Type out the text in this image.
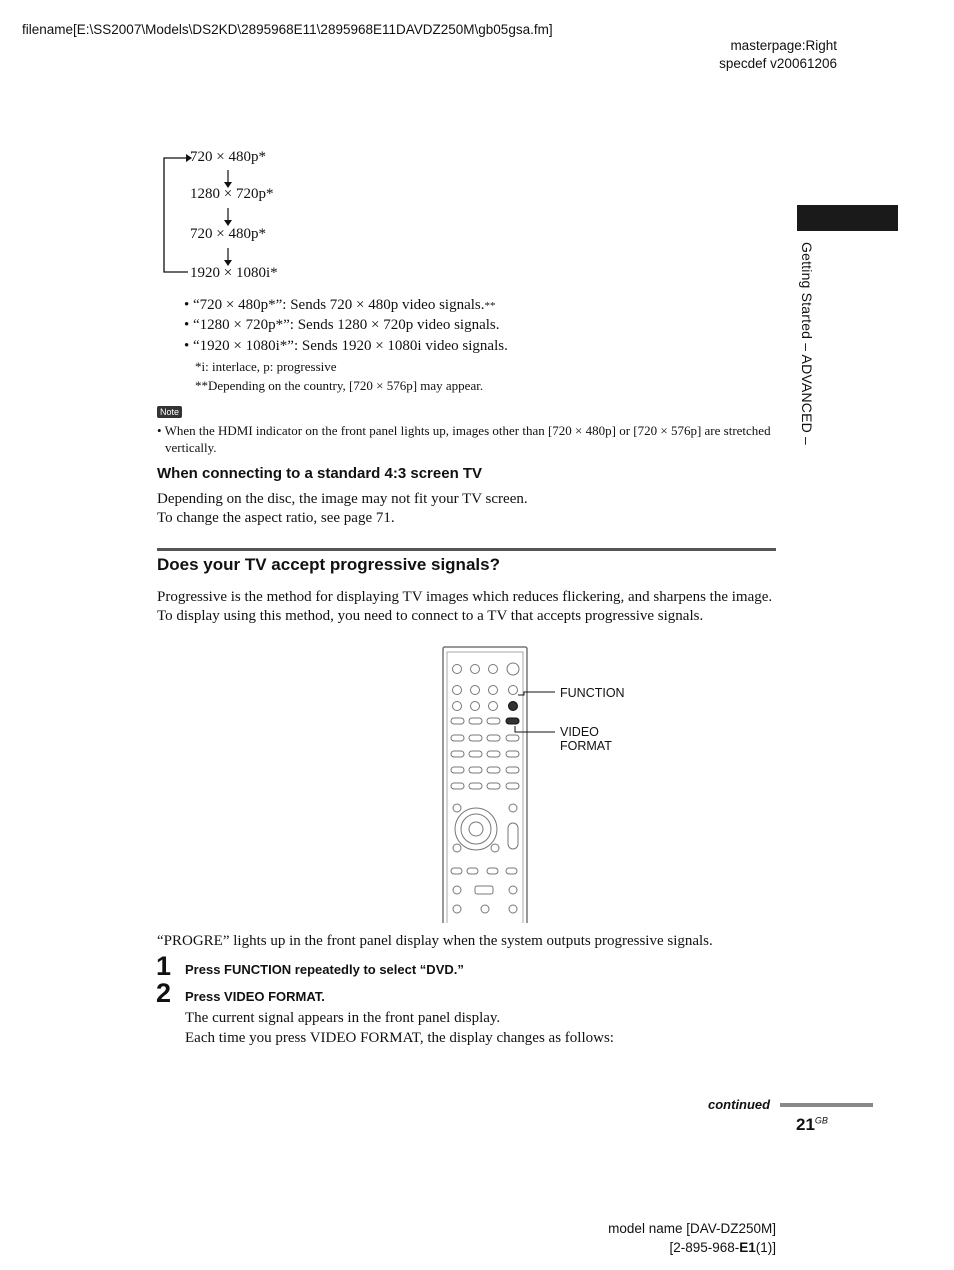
filename[E:\SS2007\Models\DS2KD\2895968E11\2895968E11DAVDZ250M\gb05gsa.fm]
masterpage:Right
specdef v20061206
720 × 480p*
1280 × 720p*
720 × 480p*
1920 × 1080i*
• “720 × 480p*”: Sends 720 × 480p video signals.**
• “1280 × 720p*”: Sends 1280 × 720p video signals.
• “1920 × 1080i*”: Sends 1920 × 1080i video signals.
*i: interlace, p: progressive
**Depending on the country, [720 × 576p] may appear.
Note
• When the HDMI indicator on the front panel lights up, images other than [720 × 480p] or [720 × 576p] are stretched vertically.
When connecting to a standard 4:3 screen TV
Depending on the disc, the image may not fit your TV screen.
To change the aspect ratio, see page 71.
Does your TV accept progressive signals?
Progressive is the method for displaying TV images which reduces flickering, and sharpens the image.
To display using this method, you need to connect to a TV that accepts progressive signals.
FUNCTION
VIDEO
FORMAT
“PROGRE” lights up in the front panel display when the system outputs progressive signals.
1 Press FUNCTION repeatedly to select “DVD.”
2 Press VIDEO FORMAT.
The current signal appears in the front panel display.
Each time you press VIDEO FORMAT, the display changes as follows:
Getting Started – ADVANCED –
continued
$21^{GB}$
model name [DAV-DZ250M]
[2-895-968-E1(1)]
